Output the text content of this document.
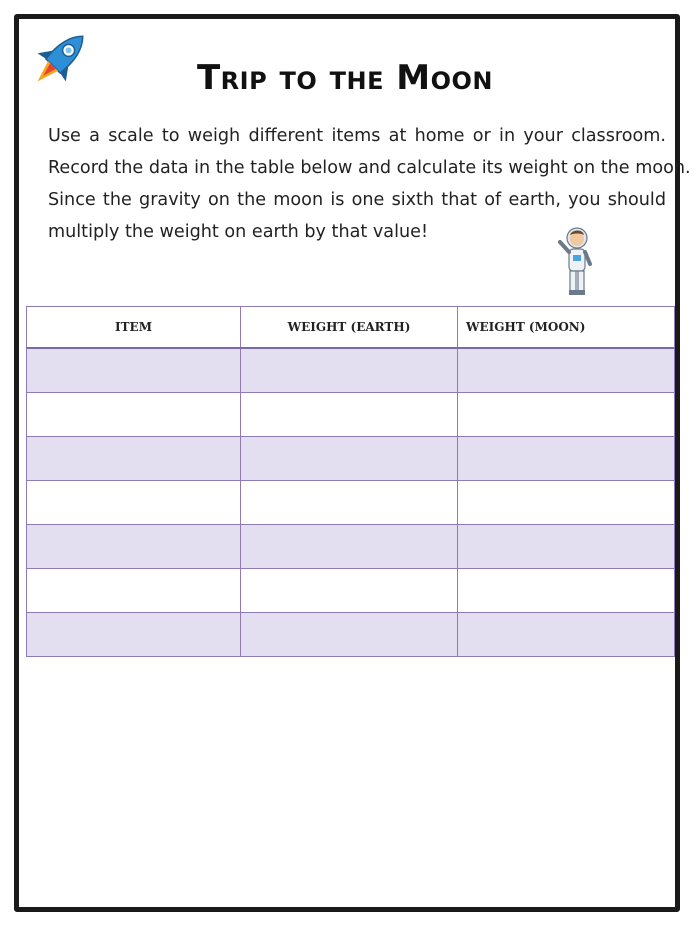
Trip to the Moon
Use a scale to weigh different items at home or in your classroom.
Record the data in the table below and calculate its weight on the moon.
Since the gravity on the moon is one sixth that of earth, you should
multiply the weight on earth by that value!
ITEM	WEIGHT (EARTH)	WEIGHT (MOON)
